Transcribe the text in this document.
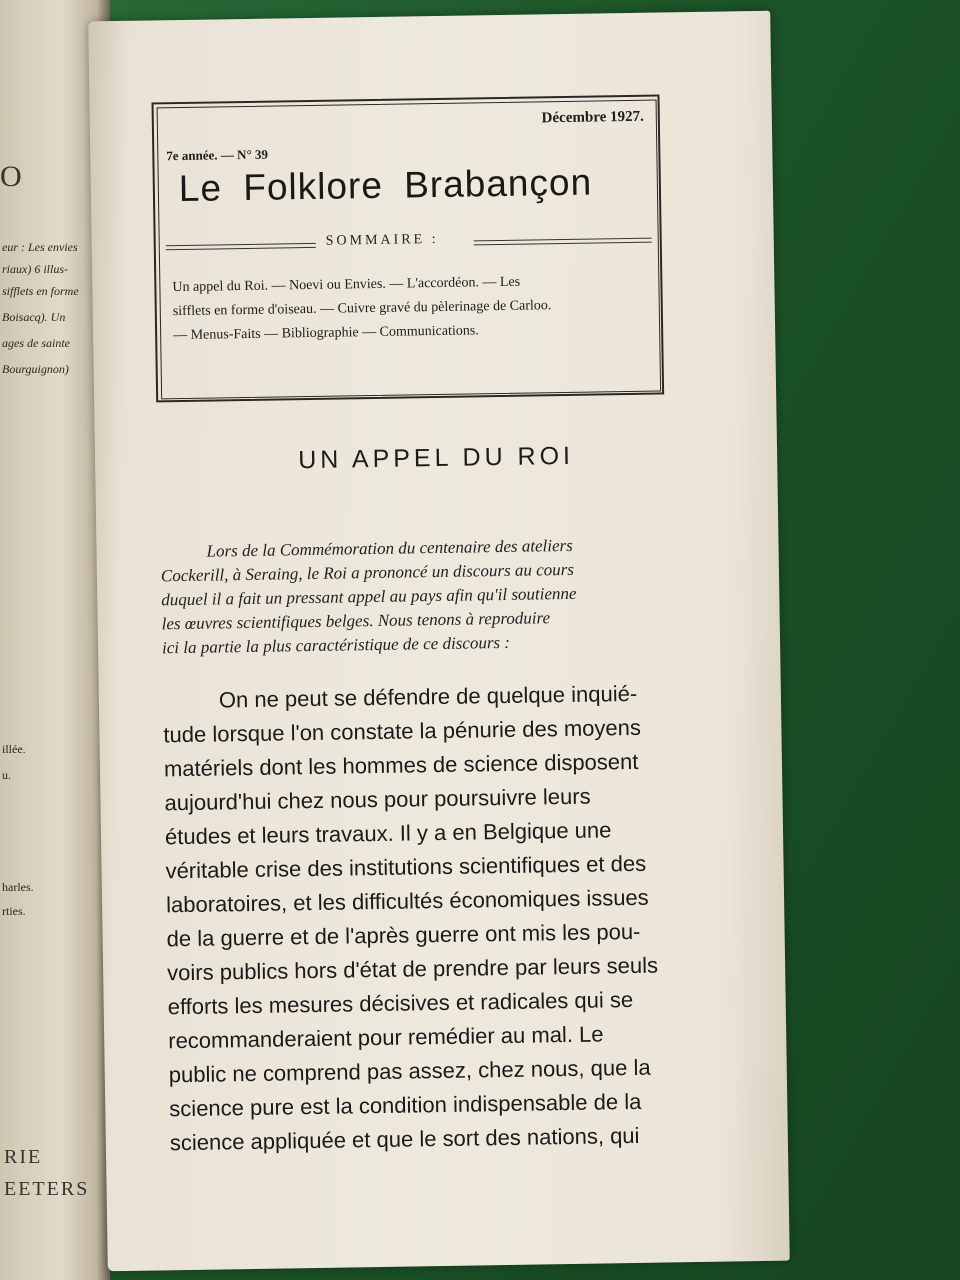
O
eur : Les envies
riaux) 6 illus-
sifflets en forme
Boisacq). Un
ages de sainte
Bourguignon)
illée.
u.
harles.
rties.
RIE
EETERS
Décembre 1927.
7e année. — N° 39
Le Folklore Brabançon
SOMMAIRE :
Un appel du Roi. — Noevi ou Envies. — L'accordéon. — Les
sifflets en forme d'oiseau. — Cuivre gravé du pèlerinage de Carloo.
— Menus-Faits — Bibliographie — Communications.
UN APPEL DU ROI
Lors de la Commémoration du centenaire des ateliers
Cockerill, à Seraing, le Roi a prononcé un discours au cours
duquel il a fait un pressant appel au pays afin qu'il soutienne
les œuvres scientifiques belges. Nous tenons à reproduire
ici la partie la plus caractéristique de ce discours :
On ne peut se défendre de quelque inquié-
tude lorsque l'on constate la pénurie des moyens
matériels dont les hommes de science disposent
aujourd'hui chez nous pour poursuivre leurs
études et leurs travaux. Il y a en Belgique une
véritable crise des institutions scientifiques et des
laboratoires, et les difficultés économiques issues
de la guerre et de l'après guerre ont mis les pou-
voirs publics hors d'état de prendre par leurs seuls
efforts les mesures décisives et radicales qui se
recommanderaient pour remédier au mal. Le
public ne comprend pas assez, chez nous, que la
science pure est la condition indispensable de la
science appliquée et que le sort des nations, qui
